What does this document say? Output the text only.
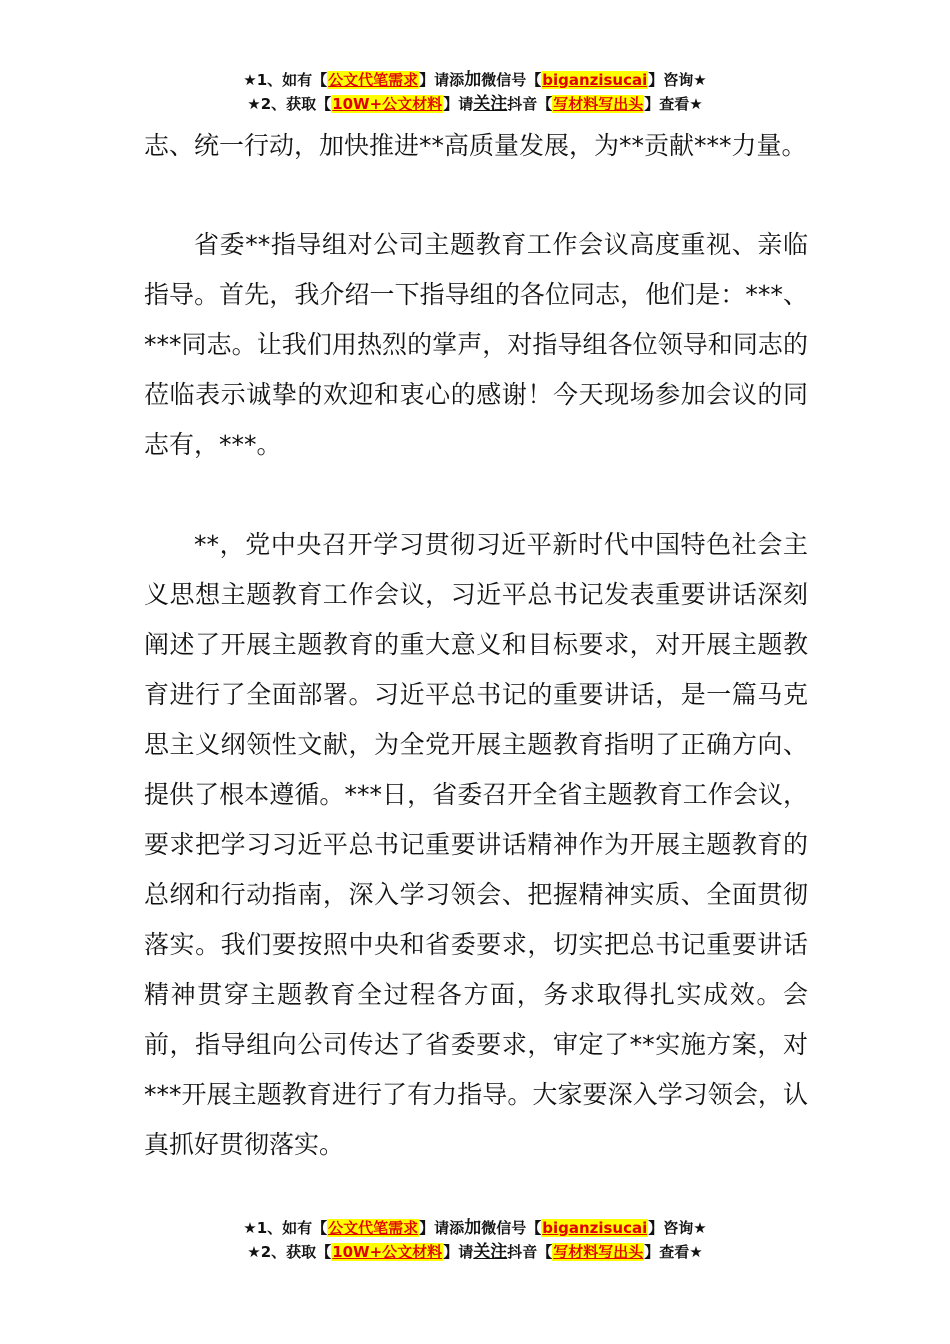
★1、如有【公文代笔需求】请添加微信号【biganzisucai】咨询★
★2、获取【10W+公文材料】请关注抖音【写材料写出头】查看★

志、统一行动，加快推进**高质量发展，为**贡献***力量。

省委**指导组对公司主题教育工作会议高度重视、亲临指导。首先，我介绍一下指导组的各位同志，他们是：***、***同志。让我们用热烈的掌声，对指导组各位领导和同志的莅临表示诚挚的欢迎和衷心的感谢！今天现场参加会议的同志有，***。

**，党中央召开学习贯彻习近平新时代中国特色社会主义思想主题教育工作会议，习近平总书记发表重要讲话深刻阐述了开展主题教育的重大意义和目标要求，对开展主题教育进行了全面部署。习近平总书记的重要讲话，是一篇马克思主义纲领性文献，为全党开展主题教育指明了正确方向、提供了根本遵循。***日，省委召开全省主题教育工作会议，要求把学习习近平总书记重要讲话精神作为开展主题教育的总纲和行动指南，深入学习领会、把握精神实质、全面贯彻落实。我们要按照中央和省委要求，切实把总书记重要讲话精神贯穿主题教育全过程各方面，务求取得扎实成效。会前，指导组向公司传达了省委要求，审定了**实施方案，对***开展主题教育进行了有力指导。大家要深入学习领会，认真抓好贯彻落实。

★1、如有【公文代笔需求】请添加微信号【biganzisucai】咨询★
★2、获取【10W+公文材料】请关注抖音【写材料写出头】查看★
